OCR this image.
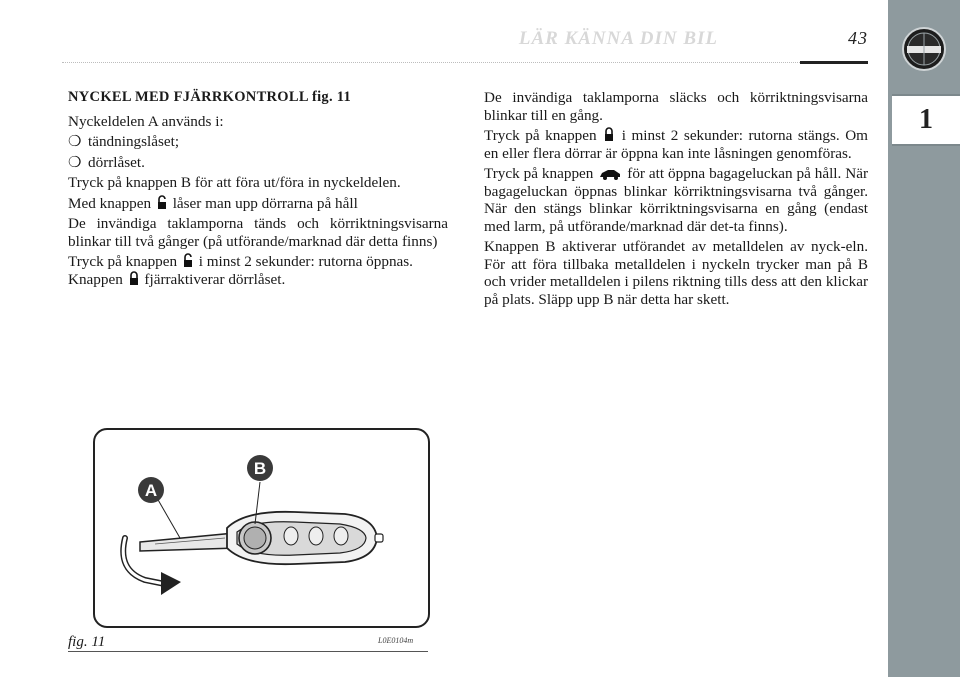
LÄR KÄNNA DIN BIL	43
1

NYCKEL MED FJÄRRKONTROLL fig. 11

Nyckeldelen A används i:

❍ tändningslåset;

❍ dörrlåset.

Tryck på knappen B för att föra ut/föra in nyckeldelen.

Med knappen låser man upp dörrarna på håll

De invändiga taklamporna tänds och körriktningsvisarna blinkar till två gånger (på utförande/marknad där detta finns)

Tryck på knappen i minst 2 sekunder: rutorna öppnas.
Knappen fjärraktiverar dörrlåset.

De invändiga taklamporna släcks och körriktningsvisarna blinkar till en gång.

Tryck på knappen i minst 2 sekunder: rutorna stängs. Om en eller flera dörrar är öppna kan inte låsningen genomföras.

Tryck på knappen för att öppna bagageluckan på håll. När bagageluckan öppnas blinkar körriktningsvisarna två gånger. När den stängs blinkar körriktningsvisarna en gång (endast med larm, på utförande/marknad där det-ta finns).

Knappen B aktiverar utförandet av metalldelen av nyck-eln. För att föra tillbaka metalldelen i nyckeln trycker man på B och vrider metalldelen i pilens riktning tills dess att den klickar på plats. Släpp upp B när detta har skett.

A
B
fig. 11	L0E0104m
